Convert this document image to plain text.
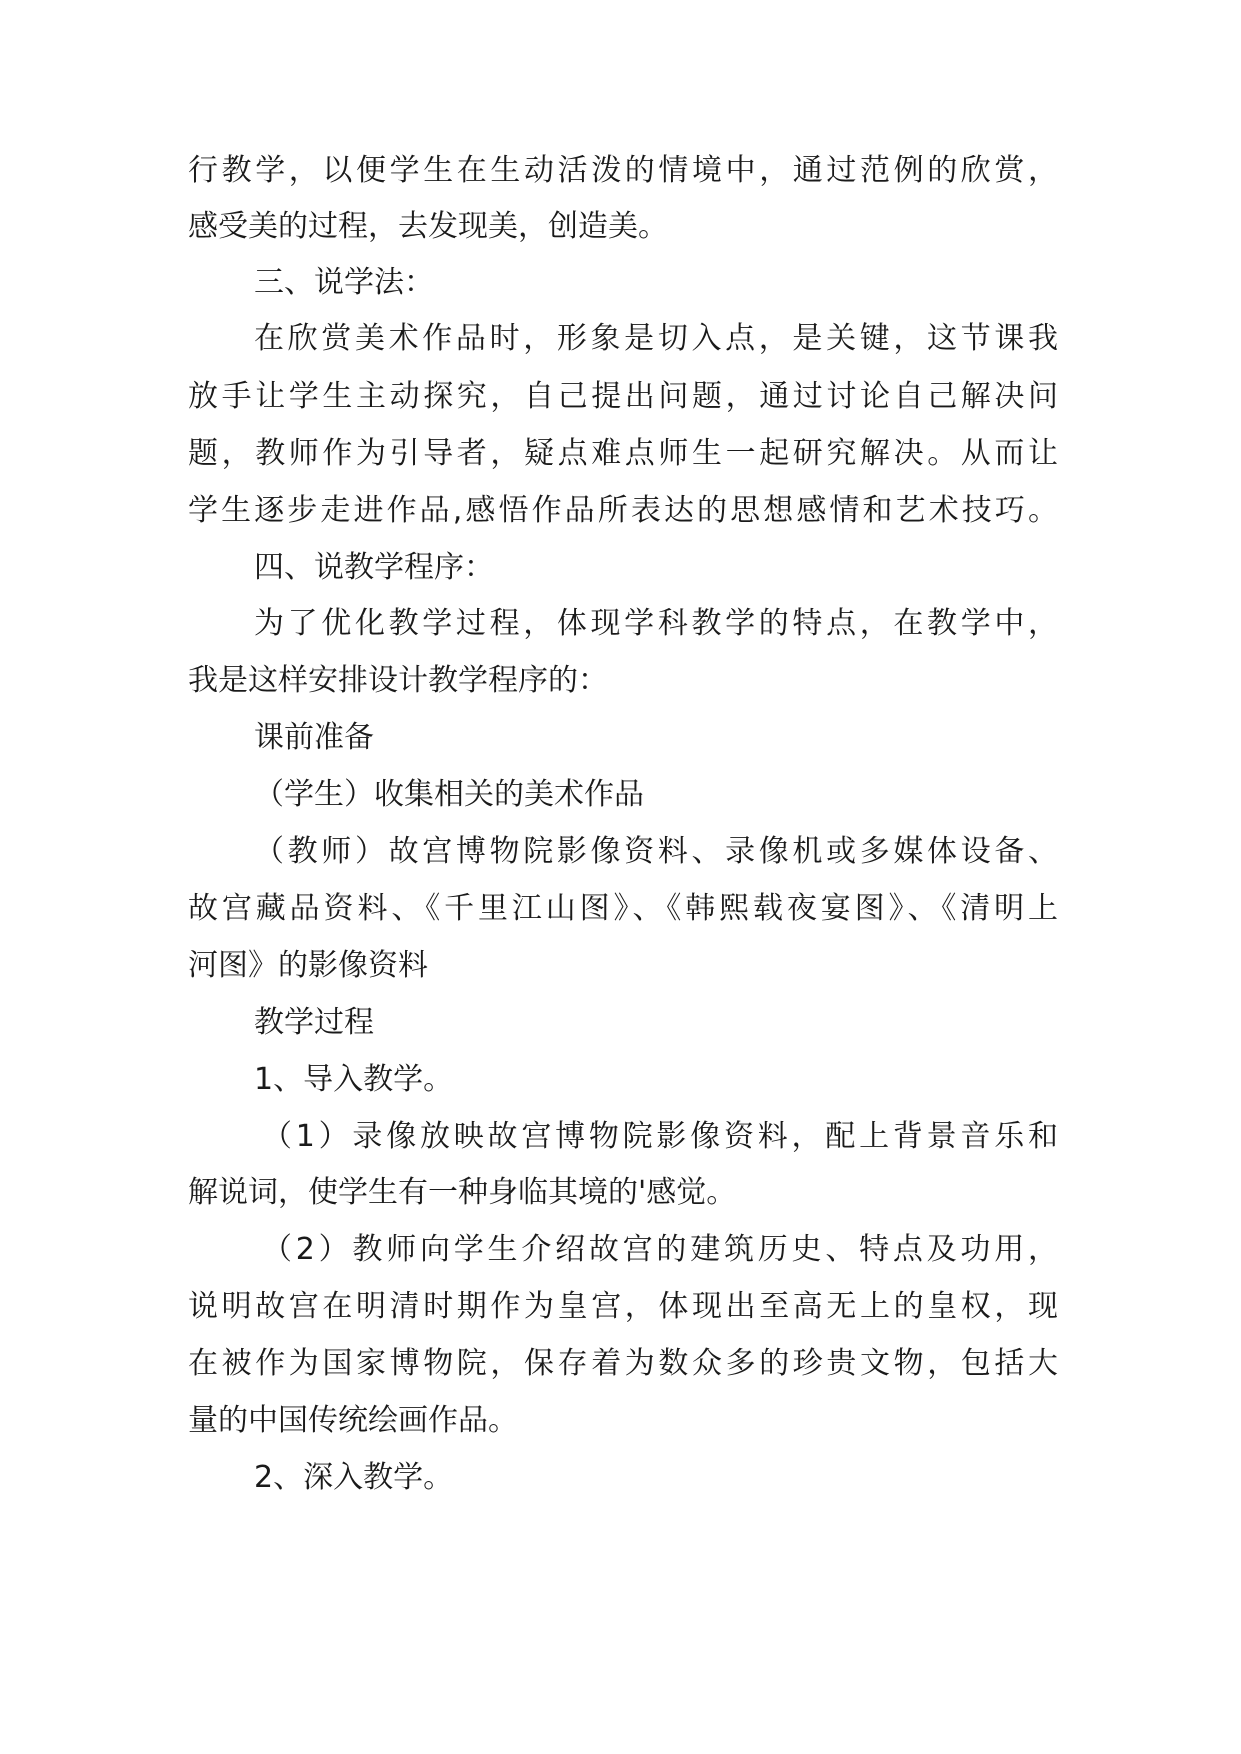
行教学，以便学生在生动活泼的情境中，通过范例的欣赏，

感受美的过程，去发现美，创造美。

三、说学法：

在欣赏美术作品时，形象是切入点，是关键，这节课我

放手让学生主动探究，自己提出问题，通过讨论自己解决问

题，教师作为引导者，疑点难点师生一起研究解决。从而让

学生逐步走进作品,感悟作品所表达的思想感情和艺术技巧。

四、说教学程序：

为了优化教学过程，体现学科教学的特点，在教学中，

我是这样安排设计教学程序的：

课前准备

（学生）收集相关的美术作品

（教师）故宫博物院影像资料、录像机或多媒体设备、

故宫藏品资料、《千里江山图》、《韩熙载夜宴图》、《清明上

河图》的影像资料

教学过程

1、导入教学。

（1）录像放映故宫博物院影像资料，配上背景音乐和

解说词，使学生有一种身临其境的'感觉。

（2）教师向学生介绍故宫的建筑历史、特点及功用，

说明故宫在明清时期作为皇宫，体现出至高无上的皇权，现

在被作为国家博物院，保存着为数众多的珍贵文物，包括大

量的中国传统绘画作品。

2、深入教学。
